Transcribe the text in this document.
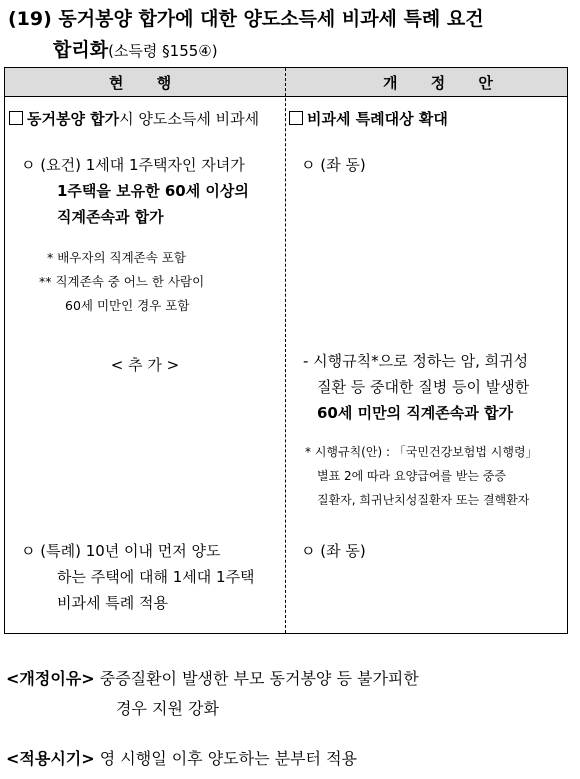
(19) 동거봉양 합가에 대한 양도소득세 비과세 특례 요건
합리화(소득령 §155④)
현 행	개 정 안
동거봉양 합가시 양도소득세 비과세
ㅇ (요건) 1세대 1주택자인 자녀가
1주택을 보유한 60세 이상의
직계존속과 합가
* 배우자의 직계존속 포함
** 직계존속 중 어느 한 사람이
60세 미만인 경우 포함
< 추 가 >
ㅇ (특례) 10년 이내 먼저 양도
하는 주택에 대해 1세대 1주택
비과세 특례 적용
비과세 특례대상 확대
ㅇ (좌 동)
- 시행규칙*으로 정하는 암, 희귀성
질환 등 중대한 질병 등이 발생한
60세 미만의 직계존속과 합가
* 시행규칙(안) : 「국민건강보험법 시행령」
별표 2에 따라 요양급여를 받는 중증
질환자, 희귀난치성질환자 또는 결핵환자
ㅇ (좌 동)
<개정이유> 중증질환이 발생한 부모 동거봉양 등 불가피한
경우 지원 강화
<적용시기> 영 시행일 이후 양도하는 분부터 적용
